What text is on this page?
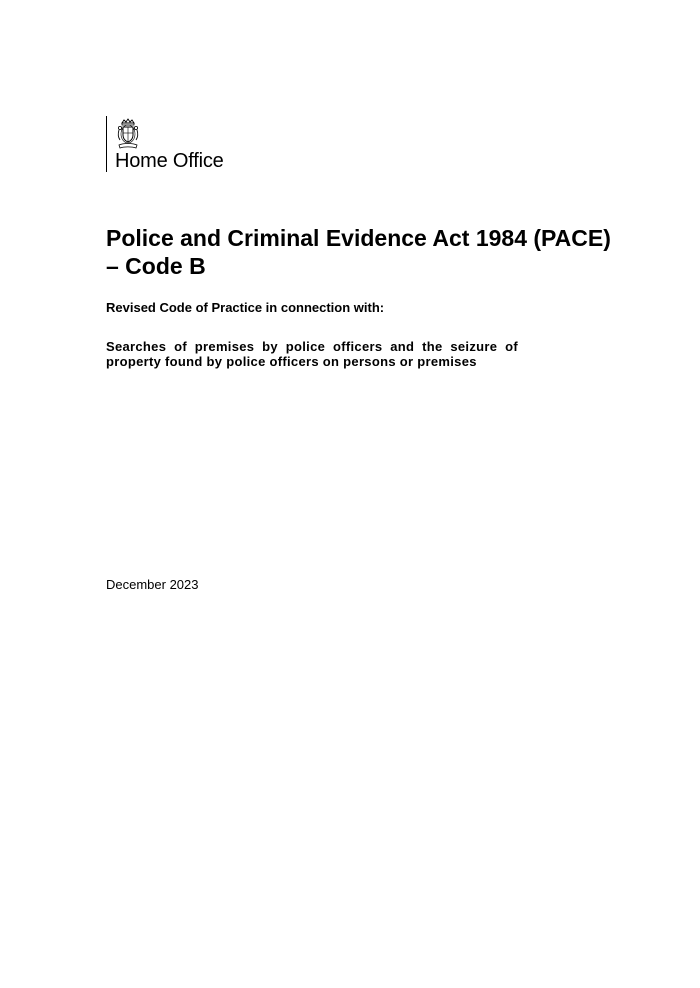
Home Office
Police and Criminal Evidence Act 1984 (PACE) – Code B

Revised Code of Practice in connection with:

Searches of premises by police officers and the seizure of property found by police officers on persons or premises

December 2023
